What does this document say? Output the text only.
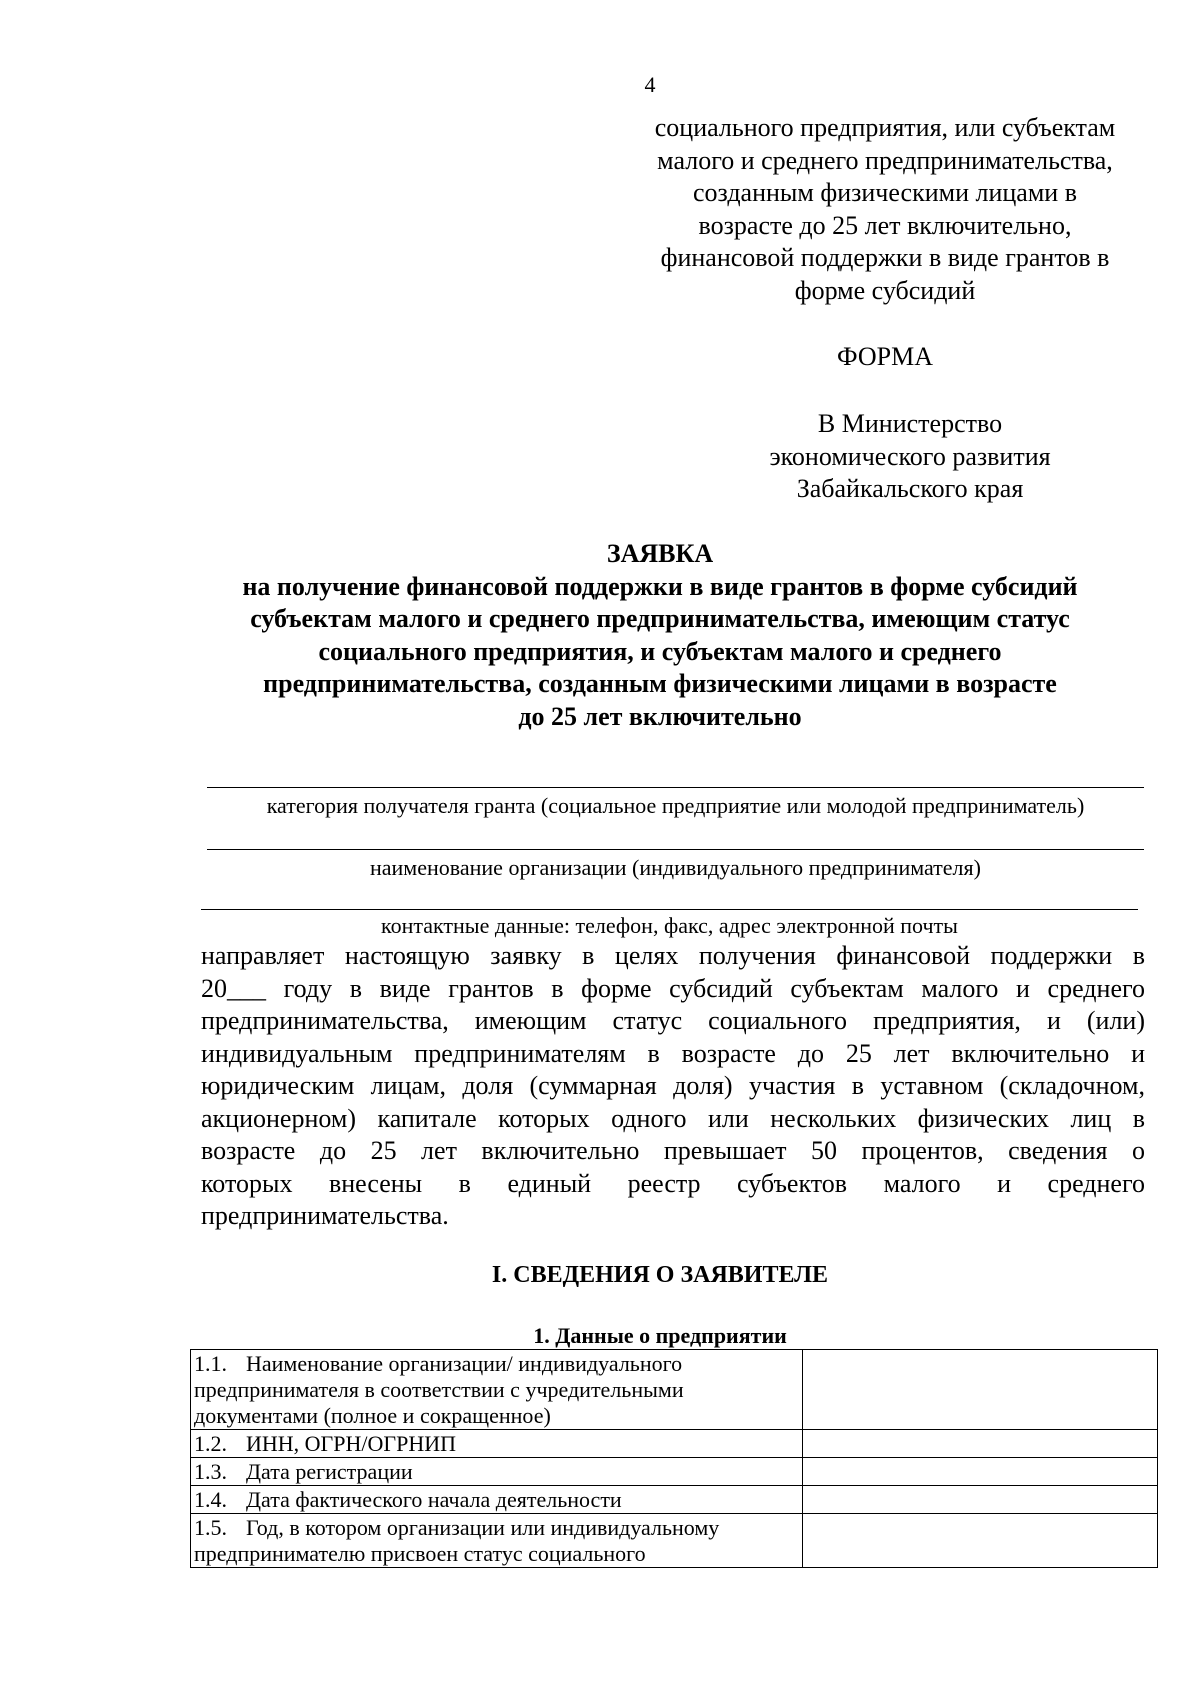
4
социального предприятия, или субъектам
малого и среднего предпринимательства,
созданным физическими лицами в
возрасте до 25 лет включительно,
финансовой поддержки в виде грантов в
форме субсидий
ФОРМА
В Министерство
экономического развития
Забайкальского края
ЗАЯВКА
на получение финансовой поддержки в виде грантов в форме субсидий
субъектам малого и среднего предпринимательства, имеющим статус
социального предприятия, и субъектам малого и среднего
предпринимательства, созданным физическими лицами в возрасте
до 25 лет включительно
категория получателя гранта (социальное предприятие или молодой предприниматель)
наименование организации (индивидуального предпринимателя)
контактные данные: телефон, факс, адрес электронной почты
направляет настоящую заявку в целях получения финансовой поддержки в
20___ году в виде грантов в форме субсидий субъектам малого и среднего
предпринимательства, имеющим статус социального предприятия, и (или)
индивидуальным предпринимателям в возрасте до 25 лет включительно и
юридическим лицам, доля (суммарная доля) участия в уставном (складочном,
акционерном) капитале которых одного или нескольких физических лиц в
возрасте до 25 лет включительно превышает 50 процентов, сведения о
которых внесены в единый реестр субъектов малого и среднего
предпринимательства.
I. СВЕДЕНИЯ О ЗАЯВИТЕЛЕ
1. Данные о предприятии
1.1. Наименование организации/ индивидуального
предпринимателя в соответствии с учредительными
документами (полное и сокращенное)	
1.2. ИНН, ОГРН/ОГРНИП	
1.3. Дата регистрации	
1.4. Дата фактического начала деятельности	
1.5. Год, в котором организации или индивидуальному
предпринимателю присвоен статус социального	
